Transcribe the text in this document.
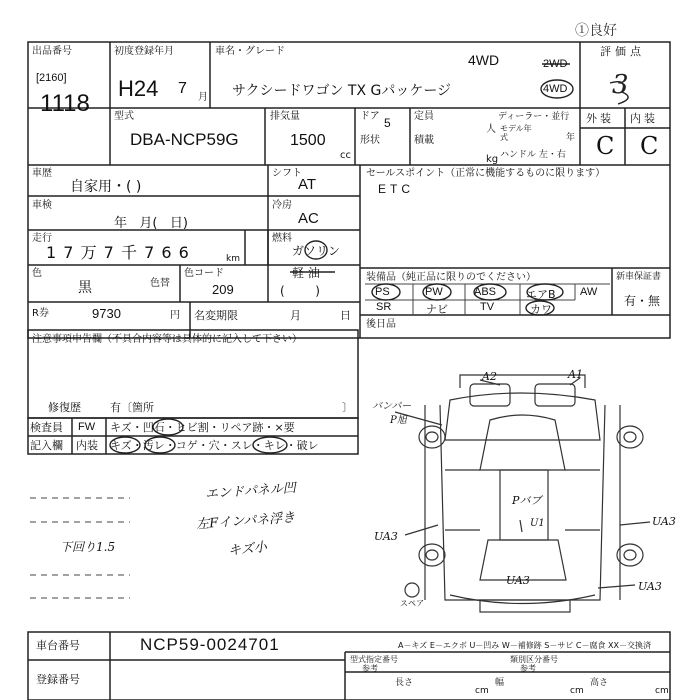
①良好
出品番号
[2160]
1118
初度登録年月
H24 7
月
車名・グレード
4WD
サクシードワゴン TX Gパッケージ
2WD
4WD
評価点
3
外装 内装
C C
型式
DBA-NCP59G
排気量
1500
cc
ドア 5 定員
人
形状	積載
kg
ディーラー・並行
モデル年式	年
ハンドル 左・右
車歴
自家用・( )
シフト
AT
車検
年   月(   日)
冷房
AC
走行
1 7 万 7 千 7 6 6	km
燃料
ガソリン
軽 油
(        )
色
黒	色替
色コード
209
R券	9730	円 名変期限	月	日
セールスポイント（正常に機能するものに限ります）
ETC
装備品（純正品に限りのでください）
PS	PW	ABS	エアB AW
SR	ナビ	TV	カワ
新車保証書
有・無
後日品
注意事項申告欄（不具合内容等は具体的に記入して下さい）
修復歴	有〔箇所	〕
検査員
記入欄
FW キズ・凹石・ヒビ割・リペア跡・×要
内装 キズ・汚レ・コゲ・穴・スレ・キレ・破レ
エンドパネル凹
左Fインパネ浮き
キズ小
下回り1.5
バンパー
P旭
A2	A1
Pバブ
U1
UA3
UA3
UA3	UA3
スペア
A－キズ E－エクボ U－凹み W－補修跡 S－サビ C－腐食 XX－交換済
車台番号	NCP59-0024701
登録番号
型式指定番号
参考
類別区分番号
参考
長さ
cm
幅
cm
高さ
cm
